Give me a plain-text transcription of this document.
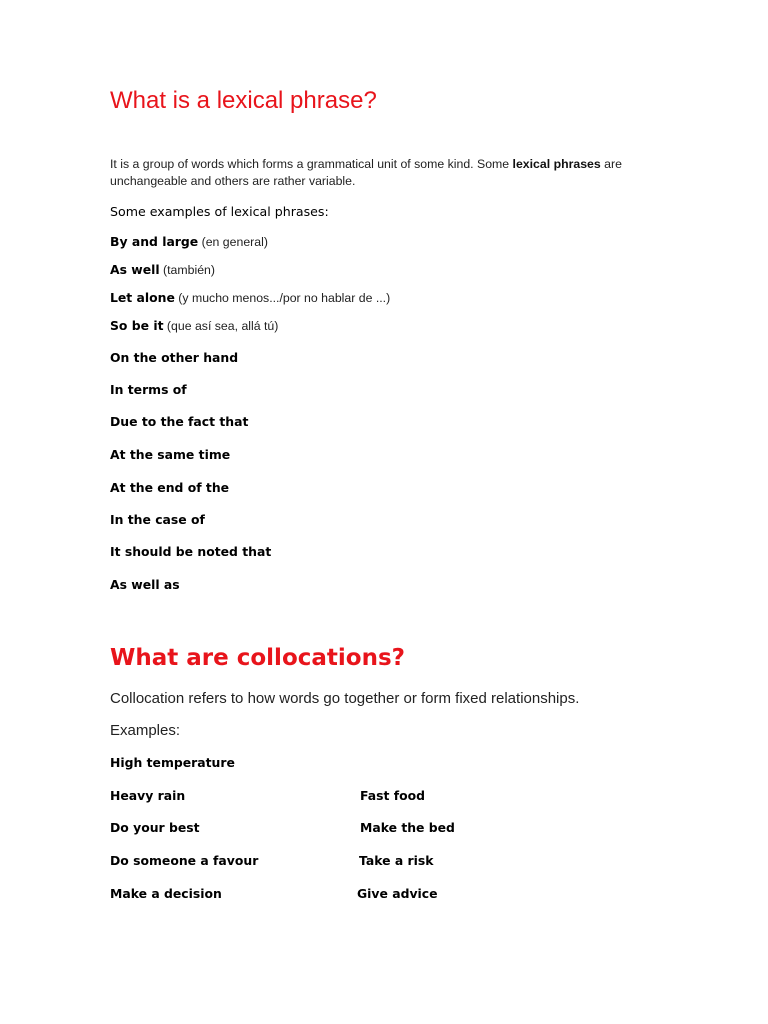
What is a lexical phrase?

It is a group of words which forms a grammatical unit of some kind. Some lexical phrases are unchangeable and others are rather variable.

Some examples of lexical phrases:

By and large (en general)

As well (también)

Let alone (y mucho menos.../por no hablar de ...)

So be it (que así sea, allá tú)

On the other hand

In terms of

Due to the fact that

At the same time

At the end of the

In the case of

It should be noted that

As well as

What are collocations?

Collocation refers to how words go together or form fixed relationships.

Examples:

High temperature

Heavy rain

Do your best

Do someone a favour

Make a decision

Fast food

Make the bed

Take a risk

Give advice
